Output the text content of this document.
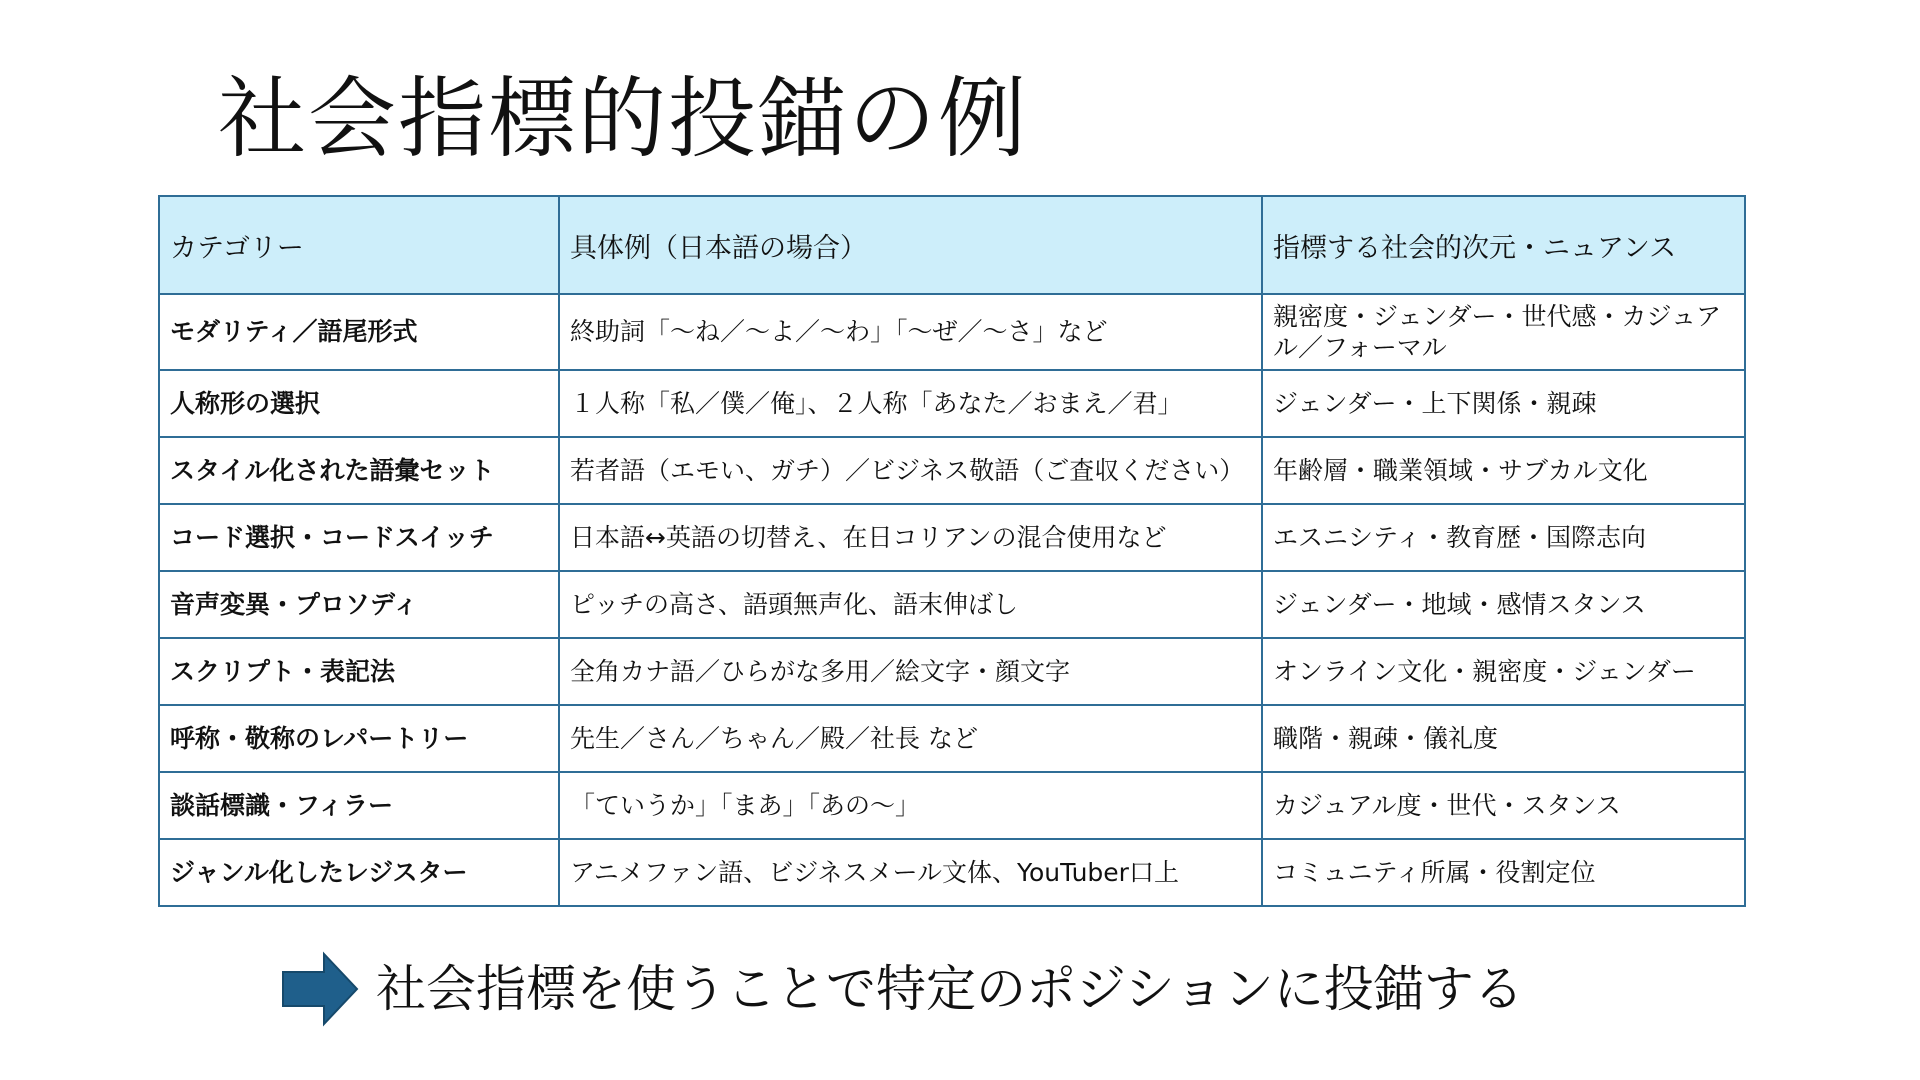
社会指標的投錨の例
カテゴリー	具体例（日本語の場合）	指標する社会的次元・ニュアンス
モダリティ／語尾形式	終助詞「〜ね／〜よ／〜わ」「〜ぜ／〜さ」など	親密度・ジェンダー・世代感・カジュアル／フォーマル
人称形の選択	１人称「私／僕／俺」、２人称「あなた／おまえ／君」	ジェンダー・上下関係・親疎
スタイル化された語彙セット	若者語（エモい、ガチ）／ビジネス敬語（ご査収ください）	年齢層・職業領域・サブカル文化
コード選択・コードスイッチ	日本語↔英語の切替え、在日コリアンの混合使用など	エスニシティ・教育歴・国際志向
音声変異・プロソディ	ピッチの高さ、語頭無声化、語末伸ばし	ジェンダー・地域・感情スタンス
スクリプト・表記法	全角カナ語／ひらがな多用／絵文字・顔文字	オンライン文化・親密度・ジェンダー
呼称・敬称のレパートリー	先生／さん／ちゃん／殿／社長 など	職階・親疎・儀礼度
談話標識・フィラー	「ていうか」「まあ」「あの〜」	カジュアル度・世代・スタンス
ジャンル化したレジスター	アニメファン語、ビジネスメール文体、YouTuber口上	コミュニティ所属・役割定位
社会指標を使うことで特定のポジションに投錨する
